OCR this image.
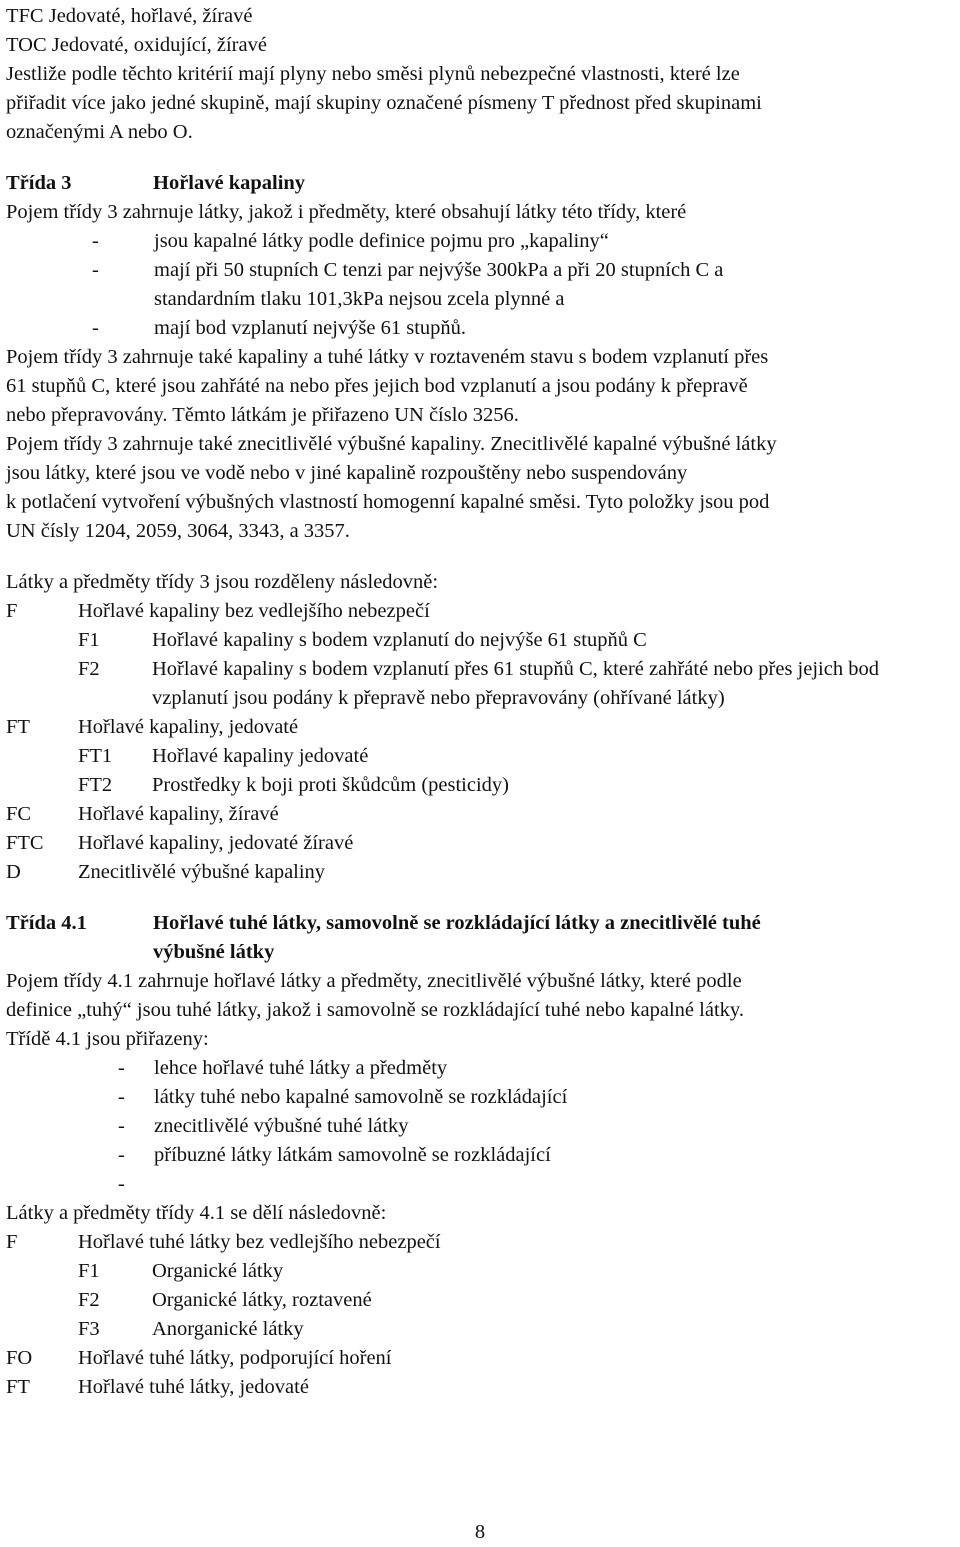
TFC Jedovaté, hořlavé, žíravé

TOC Jedovaté, oxidující, žíravé

Jestliže podle těchto kritérií mají plyny nebo směsi plynů nebezpečné vlastnosti, které lze

přiřadit více jako jedné skupině, mají skupiny označené písmeny T přednost před skupinami

označenými A nebo O.

Třída 3	Hořlavé kapaliny

Pojem třídy 3 zahrnuje látky, jakož i předměty, které obsahují látky této třídy, které

-	jsou kapalné látky podle definice pojmu pro „kapaliny“
-	mají při 50 stupních C tenzi par nejvýše 300kPa a při 20 stupních C a

standardním tlaku 101,3kPa nejsou zcela plynné a

-	mají bod vzplanutí nejvýše 61 stupňů.

Pojem třídy 3 zahrnuje také kapaliny a tuhé látky v roztaveném stavu s bodem vzplanutí přes

61 stupňů C, které jsou zahřáté na nebo přes jejich bod vzplanutí a jsou podány k přepravě

nebo přepravovány. Těmto látkám je přiřazeno UN číslo 3256.

Pojem třídy 3 zahrnuje také znecitlivělé výbušné kapaliny. Znecitlivělé kapalné výbušné látky

jsou látky, které jsou ve vodě nebo v jiné kapalině rozpouštěny nebo suspendovány

k potlačení vytvoření výbušných vlastností homogenní kapalné směsi. Tyto položky jsou pod

UN čísly 1204, 2059, 3064, 3343, a 3357.

Látky a předměty třídy 3 jsou rozděleny následovně:

F	Hořlavé kapaliny bez vedlejšího nebezpečí
F1	Hořlavé kapaliny s bodem vzplanutí do nejvýše 61 stupňů C
F2	Hořlavé kapaliny s bodem vzplanutí přes 61 stupňů C, které zahřáté nebo přes jejich bod vzplanutí jsou podány k přepravě nebo přepravovány (ohřívané látky)
FT	Hořlavé kapaliny, jedovaté
FT1	Hořlavé kapaliny jedovaté
FT2	Prostředky k boji proti škůdcům (pesticidy)
FC	Hořlavé kapaliny, žíravé
FTC	Hořlavé kapaliny, jedovaté žíravé
D	Znecitlivělé výbušné kapaliny
Třída 4.1	Hořlavé tuhé látky, samovolně se rozkládající látky a znecitlivělé tuhé
výbušné látky

Pojem třídy 4.1 zahrnuje hořlavé látky a předměty, znecitlivělé výbušné látky, které podle

definice „tuhý“ jsou tuhé látky, jakož i samovolně se rozkládající tuhé nebo kapalné látky.

Třídě 4.1 jsou přiřazeny:

-	lehce hořlavé tuhé látky a předměty
-	látky tuhé nebo kapalné samovolně se rozkládající
-	znecitlivělé výbušné tuhé látky
-	příbuzné látky látkám samovolně se rozkládající
-

Látky a předměty třídy 4.1 se dělí následovně:

F	Hořlavé tuhé látky bez vedlejšího nebezpečí
F1	Organické látky
F2	Organické látky, roztavené
F3	Anorganické látky
FO	Hořlavé tuhé látky, podporující hoření
FT	Hořlavé tuhé látky, jedovaté
8
